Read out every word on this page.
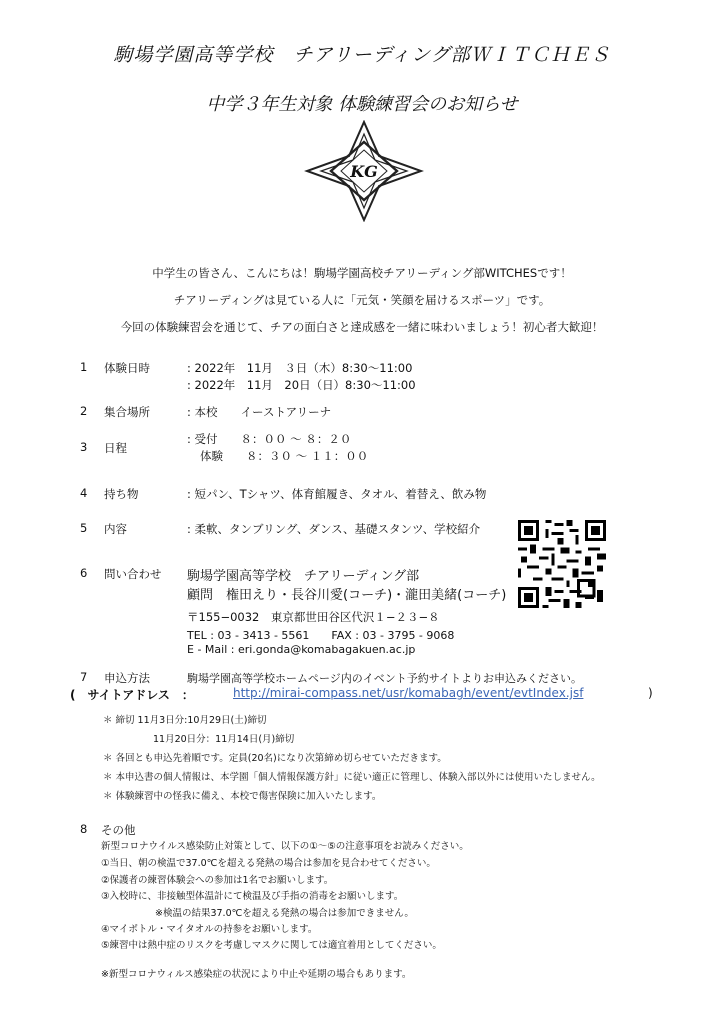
駒場学園高等学校　チアリーディング部ＷＩＴＣＨＥＳ
中学３年生対象 体験練習会のお知らせ
KG
中学生の皆さん、こんにちは！駒場学園高校チアリーディング部WITCHESです！
チアリーディングは見ている人に「元気・笑顔を届けるスポーツ」です。
今回の体験練習会を通じて、チアの面白さと達成感を一緒に味わいましょう！初心者大歓迎！
1 体験日時	: 2022年　11月　３日（木）8:30〜11:00
: 2022年　11月　20日（日）8:30〜11:00
2 集合場所	: 本校　　イーストアリーナ
3 日程
: 受付　　８：００ 〜 ８：２０
体験　　８：３０ 〜 １１：００
4 持ち物	: 短パン、Tシャツ、体育館履き、タオル、着替え、飲み物
5 内容	: 柔軟、タンブリング、ダンス、基礎スタンツ、学校紹介
6 問い合わせ 駒場学園高等学校　チアリーディング部
顧問　権田えり・長谷川愛(コーチ)・瀧田美緒(コーチ)
〒155−0032　東京都世田谷区代沢１−２３−８
TEL : 03 - 3413 - 5561　　FAX : 03 - 3795 - 9068
E - Mail : eri.gonda@komabagakuen.ac.jp
7 申込方法	駒場学園高等学校ホームページ内のイベント予約サイトよりお申込みください。
(　サイトアドレス　：	http://mirai-compass.net/usr/komabagh/event/evtIndex.jsf	)
＊ 締切 11月3日分:10月29日(土)締切
11月20日分：11月14日(月)締切
＊ 各回とも申込先着順です。定員(20名)になり次第締め切らせていただきます。
＊ 本申込書の個人情報は、本学園「個人情報保護方針」に従い適正に管理し、体験入部以外には使用いたしません。
＊ 体験練習中の怪我に備え、本校で傷害保険に加入いたします。
8 その他
新型コロナウイルス感染防止対策として、以下の①〜⑤の注意事項をお読みください。
①当日、朝の検温で37.0℃を超える発熱の場合は参加を見合わせてください。
②保護者の練習体験会への参加は1名でお願いします。
③入校時に、非接触型体温計にて検温及び手指の消毒をお願いします。
※検温の結果37.0℃を超える発熱の場合は参加できません。
④マイボトル・マイタオルの持参をお願いします。
⑤練習中は熱中症のリスクを考慮しマスクに関しては適宜着用としてください。
※新型コロナウィルス感染症の状況により中止や延期の場合もあります。
